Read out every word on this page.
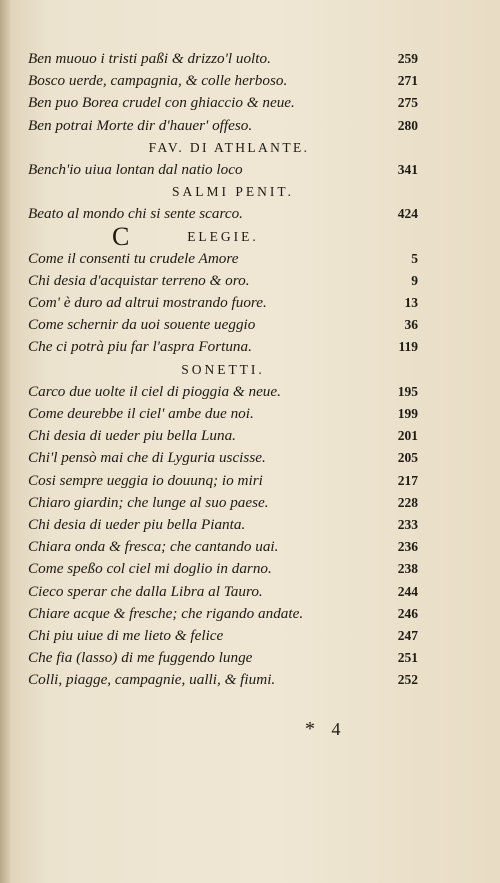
Ben muouo i tristi paßi & drizzo'l uolto.	259
Bosco uerde, campagnia, & colle herboso.	271
Ben puo Borea crudel con ghiaccio & neue.	275
Ben potrai Morte dir d'hauer' offeso.	280
FAV. DI ATHLANTE.
Bench'io uiua lontan dal natio loco	341
SALMI PENIT.
Beato al mondo chi si sente scarco.	424
ELEGIE.
C
Come il consenti tu crudele Amore	5
Chi desia d'acquistar terreno & oro.	9
Com' è duro ad altrui mostrando fuore.	13
Come schernir da uoi souente ueggio	36
Che ci potrà piu far l'aspra Fortuna.	119
SONETTI.
Carco due uolte il ciel di pioggia & neue.	195
Come deurebbe il ciel' ambe due noi.	199
Chi desia di ueder piu bella Luna.	201
Chi'l pensò mai che di Lyguria uscisse.	205
Cosi sempre ueggia io douunq; io miri	217
Chiaro giardin; che lunge al suo paese.	228
Chi desia di ueder piu bella Pianta.	233
Chiara onda & fresca; che cantando uai.	236
Come speßo col ciel mi doglio in darno.	238
Cieco sperar che dalla Libra al Tauro.	244
Chiare acque & fresche; che rigando andate.	246
Chi piu uiue di me lieto & felice	247
Che fia (lasso) di me fuggendo lunge	251
Colli, piagge, campagnie, ualli, & fiumi.	252
* 4
